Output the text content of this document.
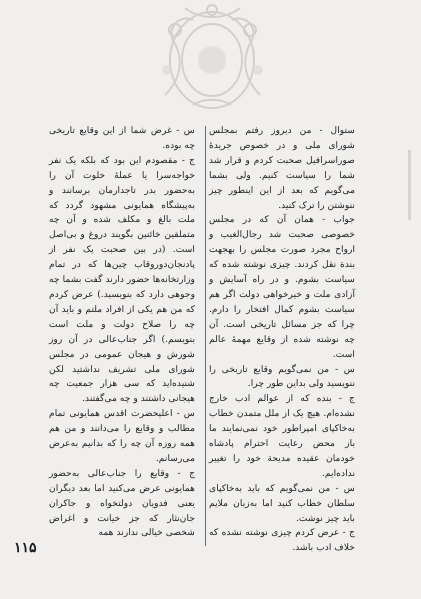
ستوال - من دیروز رفتم بمجلس شورای ملی و در خصوص جریدهٔ صوراسرافیل صحبت کردم و قرار شد شما را سیاست کنیم. ولی بشما می‌گویم که بعد از این اینطور چیز ننوشتن را ترک کنید.

جواب - همان آن که در مجلس خصوصی صحبت شد رجال‌الغیب و ارواح مجرد صورت مجلس را بهجهت بندة نقل کردند. چیزی نوشته شده که سیاست بشوم. و در راه آسایش و آزادی ملت و خیرخواهی دولت اگر هم سیاست بشوم کمال افتخار را دارم. چرا که جز مسائل تاریخی است. آن چه نوشته شده از وقایع مهمهٔ عالم است.

س - من نمی‌گویم وقایع تاریخی را ننویسید ولی بداین طور چرا.

ج - بنده که از عوالم ادب خارج نشده‌ام. هیچ یک از ملل متمدن خطاب به‌خاکپای امپراطور خود نمی‌نمایند ما باز محض رعایت احترام پادشاه خودمان عقیده مدیحة خود را تغییر نداده‌ایم.

س - من نمی‌گویم که باید به‌خاکپای سلطان خطاب کنید اما به‌زبان ملایم باید چیز نوشت.

ج - عرض کردم چیزی نوشته نشده که خلاف ادب باشد.

س - غرض شما از این وقایع تاریخی چه بوده.

ج - مقصودم این بود که بلکه یک نفر خواجه‌سرا یا عملهٔ خلوت آن را به‌حضور بدر تاجدارمان برسانند و به‌پیشگاه همایونی مشهود گردد که ملت بالغ و مکلف شده و آن چه متملقین خائنین بگویند دروغ و بی‌اصل است. (در بین صحبت یک نفر از پادنجان‌دوروقاب چین‌ها که در تمام وزارتخانه‌ها حضور دارند گفت بشما چه وجوهی دارد که بنویسید.) عرض کردم که من هم یکی از افراد ملتم و باید آن چه را صلاح دولت و ملت است بنویسم.) اگر جناب‌عالی در آن روز شورش و هیجان عمومی در مجلس شورای ملی تشریف نداشتید لکن شنیده‌اید که سی هزار جمعیت چه هیجانی داشتند و چه می‌گفتند.

س - اعلیحضرت اقدس همایونی تمام مطالب و وقایع را می‌دانند و من هم همه روزه آن چه را که بدانیم به‌عرض می‌رسانم.

ج - وقایع را جناب‌عالی به‌حضور همایونی عرض می‌کنید اما بعد دیگران یعنی فدویان دولتخواه و جاکران جان‌نثار که جز خیانت و اغراض شخصی خیالی ندارند همه

۱۱۵
